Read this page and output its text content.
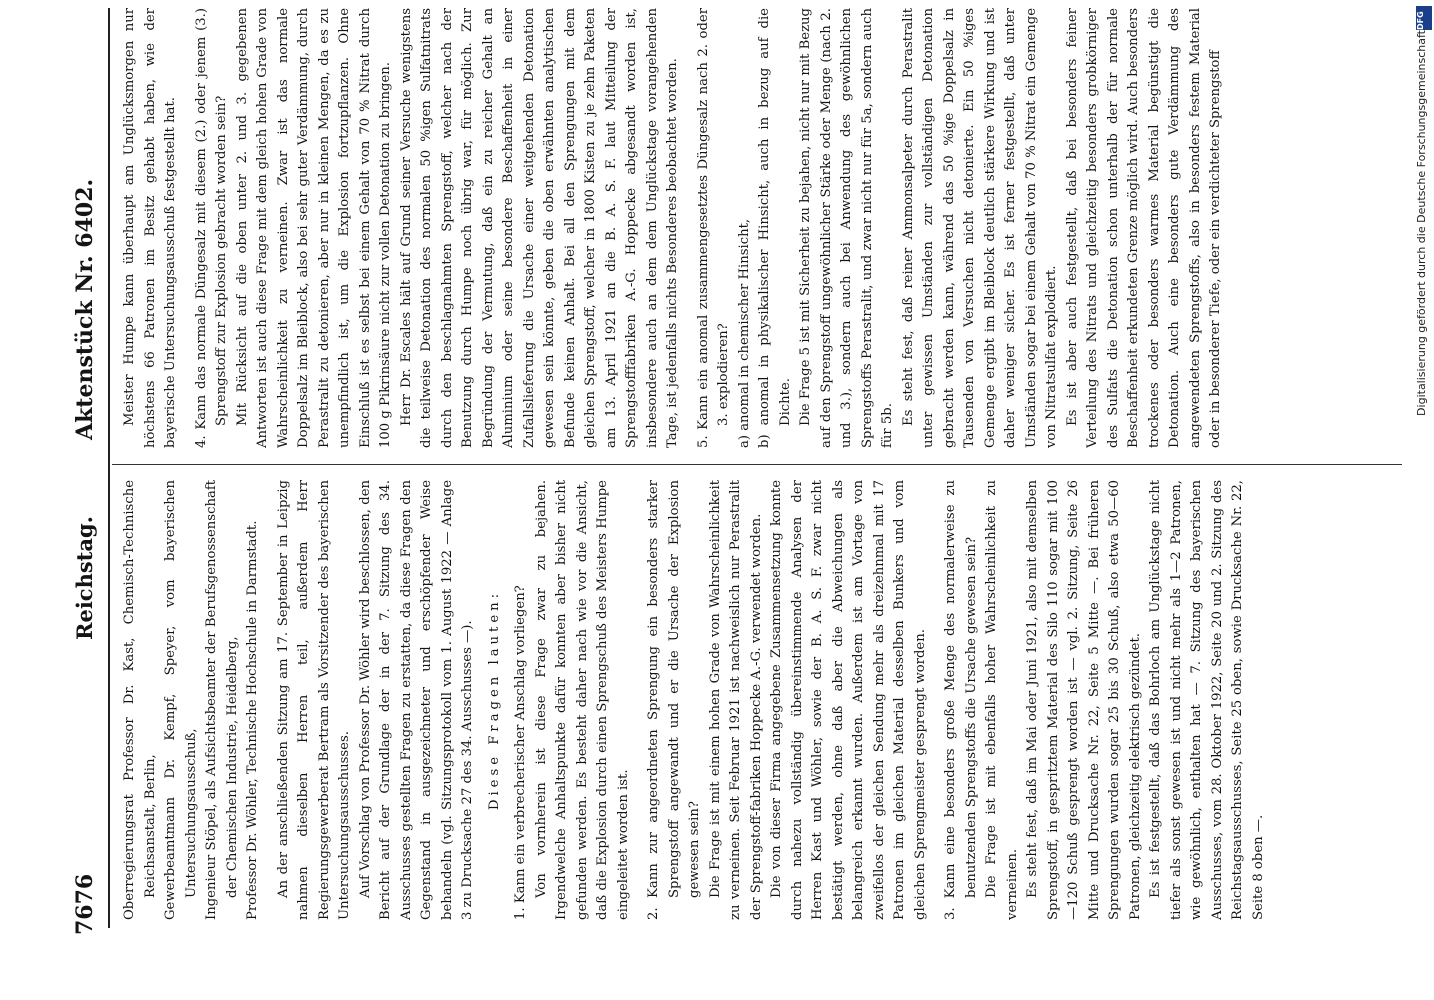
7676
Reichstag.
Aktenstück Nr. 6402.

Oberregierungsrat Professor Dr. Kast, Chemisch-Technische Reichsanstalt, Berlin, Gewerbeamtmann Dr. Kempf, Speyer, vom bayerischen Untersuchungsausschuß, Ingenieur Stöpel, als Aufsichtsbeamter der Berufsgenossenschaft der Chemischen Industrie, Heidelberg, Professor Dr. Wöhler, Technische Hochschule in Darmstadt. An der anschließenden Sitzung am 17. September in Leipzig nahmen dieselben Herren teil, außerdem Herr Regierungsgewerberat Bertram als Vorsitzender des bayerischen Untersuchungsausschusses. Auf Vorschlag von Professor Dr. Wöhler wird beschlossen, den Bericht auf der Grundlage der in der 7. Sitzung des 34. Ausschusses gestellten Fragen zu erstatten, da diese Fragen den Gegenstand in ausgezeichneter und erschöpfender Weise behandeln (vgl. Sitzungsprotokoll vom 1. August 1922 — Anlage 3 zu Drucksache 27 des 34. Ausschusses —). Diese Fragen lauten: 1. Kann ein verbrecherischer Anschlag vorliegen? Von vornherein ist diese Frage zwar zu bejahen. Irgendwelche Anhaltspunkte dafür konnten aber bisher nicht gefunden werden. Es besteht daher nach wie vor die Ansicht, daß die Explosion durch einen Sprengschuß des Meisters Humpe eingeleitet worden ist. 2. Kann zur angeordneten Sprengung ein besonders starker Sprengstoff angewandt und er die Ursache der Explosion gewesen sein? Die Frage ist mit einem hohen Grade von Wahrscheinlichkeit zu verneinen. Seit Februar 1921 ist nachweislich nur Perastralit der Sprengstoff-fabriken Hoppecke A.-G. verwendet worden. Die von dieser Firma angegebene Zusammensetzung konnte durch nahezu vollständig übereinstimmende Analysen der Herren Kast und Wöhler, sowie der B. A. S. F. zwar nicht bestätigt werden, ohne daß aber die Abweichungen als belangreich erkannt wurden. Außerdem ist am Vortage von zweifellos der gleichen Sendung mehr als dreizehnmal mit 17 Patronen im gleichen Material desselben Bunkers und vom gleichen Sprengmeister gesprengt worden. 3. Kann eine besonders große Menge des normalerweise zu benutzenden Sprengstoffs die Ursache gewesen sein? Die Frage ist mit ebenfalls hoher Wahrscheinlichkeit zu verneinen. Es steht fest, daß im Mai oder Juni 1921, also mit demselben Sprengstoff, in gespritztem Material des Silo 110 sogar mit 100—120 Schuß gesprengt worden ist — vgl. 2. Sitzung, Seite 26 Mitte und Drucksache Nr. 22, Seite 5 Mitte —. Bei früheren Sprengungen wurden sogar 25 bis 30 Schuß, also etwa 50—60 Patronen, gleichzeitig elektrisch gezündet. Es ist festgestellt, daß das Bohrloch am Unglückstage nicht tiefer als sonst gewesen ist und nicht mehr als 1—2 Patronen, wie gewöhnlich, enthalten hat — 7. Sitzung des bayerischen Ausschusses, vom 28. Oktober 1922, Seite 20 und 2. Sitzung des Reichstagsausschusses, Seite 25 oben, sowie Drucksache Nr. 22, Seite 8 oben —.

Meister Humpe kann überhaupt am Unglücksmorgen nur höchstens 66 Patronen im Besitz gehabt haben, wie der bayerische Untersuchungsausschuß festgestellt hat. 4. Kann das normale Düngesalz mit diesem (2.) oder jenem (3.) Sprengstoff zur Explosion gebracht worden sein? Mit Rücksicht auf die oben unter 2. und 3. gegebenen Antworten ist auch diese Frage mit dem gleich hohen Grade von Wahrscheinlichkeit zu verneinen. Zwar ist das normale Doppelsalz im Bleiblock, also bei sehr guter Verdämmung, durch Perastralit zu detonieren, aber nur in kleinen Mengen, da es zu unempfindlich ist, um die Explosion fortzupflanzen. Ohne Einschluß ist es selbst bei einem Gehalt von 70 % Nitrat durch 100 g Pikrinsäure nicht zur vollen Detonation zu bringen. Herr Dr. Escales hält auf Grund seiner Versuche wenigstens die teilweise Detonation des normalen 50 %igen Sulfatnitrats durch den beschlagnahmten Sprengstoff, welcher nach der Benutzung durch Humpe noch übrig war, für möglich. Zur Begründung der Vermutung, daß ein zu reicher Gehalt an Aluminium oder seine besondere Beschaffenheit in einer Zufallslieferung die Ursache einer weitgehenden Detonation gewesen sein könnte, geben die oben erwähnten analytischen Befunde keinen Anhalt. Bei all den Sprengungen mit dem gleichen Sprengstoff, welcher in 1800 Kisten zu je zehn Paketen am 13. April 1921 an die B. A. S. F. laut Mitteilung der Sprengstofffabriken A.-G. Hoppecke abgesandt worden ist, insbesondere auch an dem dem Unglückstage vorangehenden Tage, ist jedenfalls nichts Besonderes beobachtet worden. 5. Kann ein anomal zusammengesetztes Düngesalz nach 2. oder 3. explodieren? a) anomal in chemischer Hinsicht, b) anomal in physikalischer Hinsicht, auch in bezug auf die Dichte. Die Frage 5 ist mit Sicherheit zu bejahen, nicht nur mit Bezug auf den Sprengstoff ungewöhnlicher Stärke oder Menge (nach 2. und 3.), sondern auch bei Anwendung des gewöhnlichen Sprengstoffs Perastralit, und zwar nicht nur für 5a, sondern auch für 5b. Es steht fest, daß reiner Ammonsalpeter durch Perastralit unter gewissen Umständen zur vollständigen Detonation gebracht werden kann, während das 50 %ige Doppelsalz in Tausenden von Versuchen nicht detonierte. Ein 50 %iges Gemenge ergibt im Bleiblock deutlich stärkere Wirkung und ist daher weniger sicher. Es ist ferner festgestellt, daß unter Umständen sogar bei einem Gehalt von 70 % Nitrat ein Gemenge von Nitratsulfat explodiert. Es ist aber auch festgestellt, daß bei besonders feiner Verteilung des Nitrats und gleichzeitig besonders grobkörniger des Sulfats die Detonation schon unterhalb der für normale Beschaffenheit erkundeten Grenze möglich wird. Auch besonders trockenes oder besonders warmes Material begünstigt die Detonation. Auch eine besonders gute Verdämmung des angewendeten Sprengstoffs, also in besonders festem Material oder in besonderer Tiefe, oder ein verdichteter Sprengstoff	Digitalisierung gefördert durch die Deutsche Forschungsgemeinschaft
DFG
